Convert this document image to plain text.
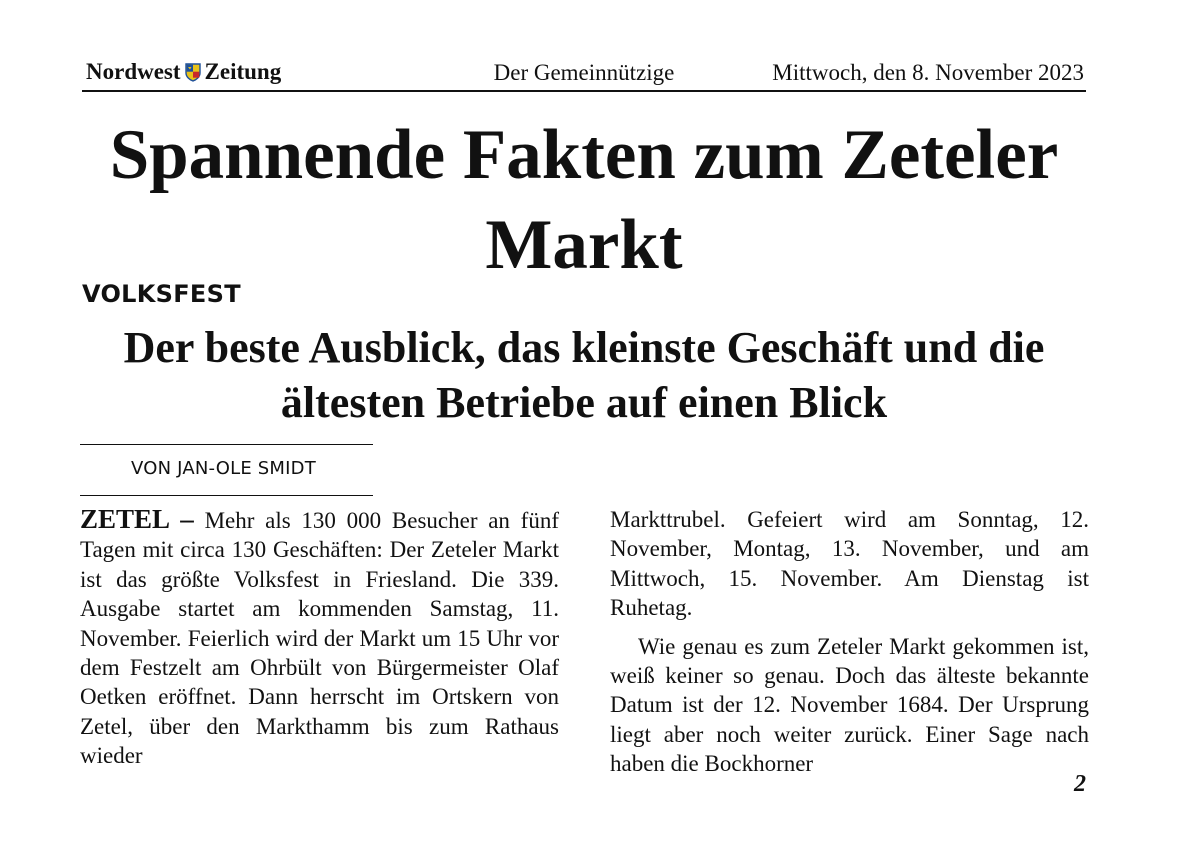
Nordwest Zeitung	Der Gemeinnützige	Mittwoch, den 8. November 2023
Spannende Fakten zum Zeteler Markt
VOLKSFEST
Der beste Ausblick, das kleinste Geschäft und die ältesten Betriebe auf einen Blick
VON JAN-OLE SMIDT

ZETEL – Mehr als 130 000 Besucher an fünf Tagen mit circa 130 Geschäften: Der Zeteler Markt ist das größte Volksfest in Friesland. Die 339. Ausgabe startet am kommenden Samstag, 11. November. Feierlich wird der Markt um 15 Uhr vor dem Festzelt am Ohrbült von Bürgermeister Olaf Oetken eröffnet. Dann herrscht im Ortskern von Zetel, über den Markthamm bis zum Rathaus wieder

Markttrubel. Gefeiert wird am Sonntag, 12. November, Montag, 13. November, und am Mittwoch, 15. November. Am Dienstag ist Ruhetag.

Wie genau es zum Zeteler Markt gekommen ist, weiß keiner so genau. Doch das älteste bekannte Datum ist der 12. November 1684. Der Ursprung liegt aber noch weiter zurück. Einer Sage nach haben die Bockhorner

2
